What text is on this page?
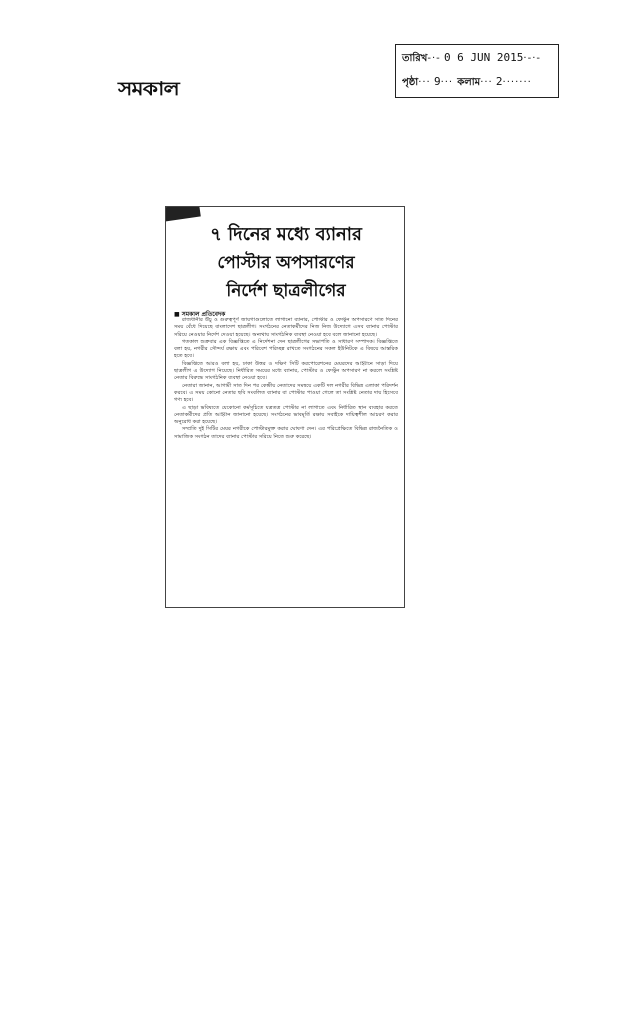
সমকাল
তারিখ-·- 0 6 JUN 2015·-·-
পৃষ্ঠা··· 9··· কলাম··· 2·······
৭ দিনের মধ্যে ব্যানার
পোস্টার অপসারণের
নির্দেশ ছাত্রলীগের
■ সমকাল প্রতিবেদক

রাজধানীর উঁচু ও গুরুত্বপূর্ণ জায়গাগুলোতে লাগানো ব্যানার, পোস্টার ও ফেস্টুন অপসারণে সাত দিনের সময় বেঁধে দিয়েছে বাংলাদেশ ছাত্রলীগ। সংগঠনের নেতাকর্মীদের নিজ নিজ উদ্যোগে এসব ব্যানার পোস্টার সরিয়ে নেওয়ার নির্দেশ দেওয়া হয়েছে। অন্যথায় সাংগঠনিক ব্যবস্থা নেওয়া হবে বলে জানানো হয়েছে।

গতকাল শুক্রবার এক বিজ্ঞপ্তিতে এ নির্দেশনা দেন ছাত্রলীগের সভাপতি ও সাধারণ সম্পাদক। বিজ্ঞপ্তিতে বলা হয়, নগরীর সৌন্দর্য রক্ষায় এবং পরিবেশ পরিচ্ছন্ন রাখতে সংগঠনের সকল ইউনিটকে এ বিষয়ে আন্তরিক হতে হবে।

বিজ্ঞপ্তিতে আরও বলা হয়, ঢাকা উত্তর ও দক্ষিণ সিটি করপোরেশনের মেয়রদের আহ্বানে সাড়া দিয়ে ছাত্রলীগ এ উদ্যোগ নিয়েছে। নির্ধারিত সময়ের মধ্যে ব্যানার, পোস্টার ও ফেস্টুন অপসারণ না করলে সংশ্লিষ্ট নেতার বিরুদ্ধে সাংগঠনিক ব্যবস্থা নেওয়া হবে।

নেতারা জানান, আগামী সাত দিন পর কেন্দ্রীয় নেতাদের সমন্বয়ে একটি দল নগরীর বিভিন্ন এলাকা পরিদর্শন করবে। এ সময় কোনো নেতার ছবি সংবলিত ব্যানার বা পোস্টার পাওয়া গেলে তা সংশ্লিষ্ট নেতার দায় হিসেবে গণ্য হবে।

এ ছাড়া ভবিষ্যতে যেকোনো কর্মসূচিতে যত্রতত্র পোস্টার না লাগাতে এবং নির্ধারিত স্থান ব্যবহার করতে নেতাকর্মীদের প্রতি আহ্বান জানানো হয়েছে। সংগঠনের ভাবমূর্তি রক্ষায় সবাইকে দায়িত্বশীল আচরণ করার অনুরোধ করা হয়েছে।

সম্প্রতি দুই সিটির মেয়র নগরীকে পোস্টারমুক্ত করার ঘোষণা দেন। এর পরিপ্রেক্ষিতে বিভিন্ন রাজনৈতিক ও সামাজিক সংগঠন তাদের ব্যানার পোস্টার সরিয়ে নিতে শুরু করেছে।
